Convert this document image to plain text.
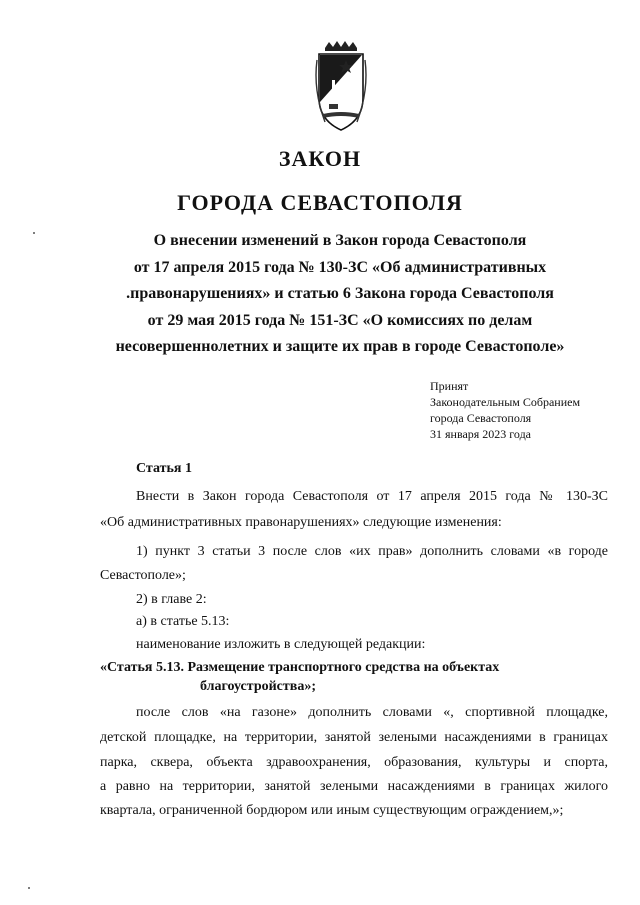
ЗАКОН
ГОРОДА СЕВАСТОПОЛЯ
О внесении изменений в Закон города Севастополя
от 17 апреля 2015 года № 130-ЗС «Об административных
.правонарушениях» и статью 6 Закона города Севастополя
от 29 мая 2015 года № 151-ЗС «О комиссиях по делам
несовершеннолетних и защите их прав в городе Севастополе»
Принят
Законодательным Собранием
города Севастополя
31 января 2023 года
Статья 1
Внести в Закон города Севастополя от 17 апреля 2015 года № 130-ЗС
«Об административных правонарушениях» следующие изменения:
1) пункт 3 статьи 3 после слов «их прав» дополнить словами «в городе
Севастополе»;
2) в главе 2:
а) в статье 5.13:
наименование изложить в следующей редакции:
«Статья 5.13. Размещение транспортного средства на объектах
благоустройства»;
после слов «на газоне» дополнить словами «, спортивной площадке,
детской площадке, на территории, занятой зелеными насаждениями в границах
парка, сквера, объекта здравоохранения, образования, культуры и спорта,
а равно на территории, занятой зелеными насаждениями в границах жилого
квартала, ограниченной бордюром или иным существующим ограждением,»;
